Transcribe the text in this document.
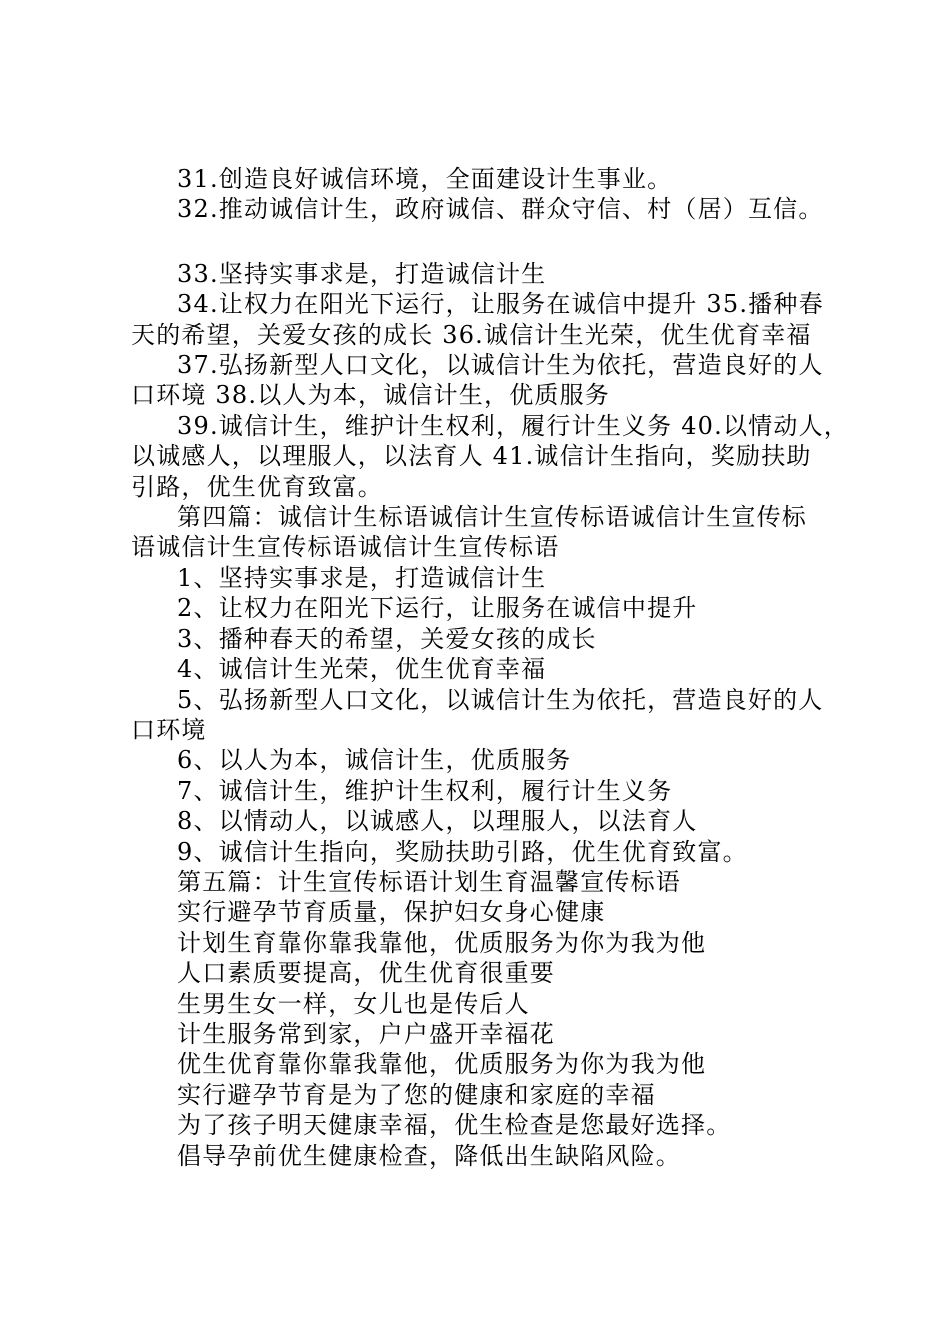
31.创造良好诚信环境，全面建设计生事业。
32.推动诚信计生，政府诚信、群众守信、村（居）互信。
33.坚持实事求是，打造诚信计生
34.让权力在阳光下运行，让服务在诚信中提升 35.播种春
天的希望，关爱女孩的成长 36.诚信计生光荣，优生优育幸福
37.弘扬新型人口文化，以诚信计生为依托，营造良好的人
口环境 38.以人为本，诚信计生，优质服务
39.诚信计生，维护计生权利，履行计生义务 40.以情动人，
以诚感人，以理服人，以法育人 41.诚信计生指向，奖励扶助
引路，优生优育致富。
第四篇：诚信计生标语诚信计生宣传标语诚信计生宣传标
语诚信计生宣传标语诚信计生宣传标语
1、坚持实事求是，打造诚信计生
2、让权力在阳光下运行，让服务在诚信中提升
3、播种春天的希望，关爱女孩的成长
4、诚信计生光荣，优生优育幸福
5、弘扬新型人口文化，以诚信计生为依托，营造良好的人
口环境
6、以人为本，诚信计生，优质服务
7、诚信计生，维护计生权利，履行计生义务
8、以情动人，以诚感人，以理服人，以法育人
9、诚信计生指向，奖励扶助引路，优生优育致富。
第五篇：计生宣传标语计划生育温馨宣传标语
实行避孕节育质量，保护妇女身心健康
计划生育靠你靠我靠他，优质服务为你为我为他
人口素质要提高，优生优育很重要
生男生女一样，女儿也是传后人
计生服务常到家，户户盛开幸福花
优生优育靠你靠我靠他，优质服务为你为我为他
实行避孕节育是为了您的健康和家庭的幸福
为了孩子明天健康幸福，优生检查是您最好选择。
倡导孕前优生健康检查，降低出生缺陷风险。
